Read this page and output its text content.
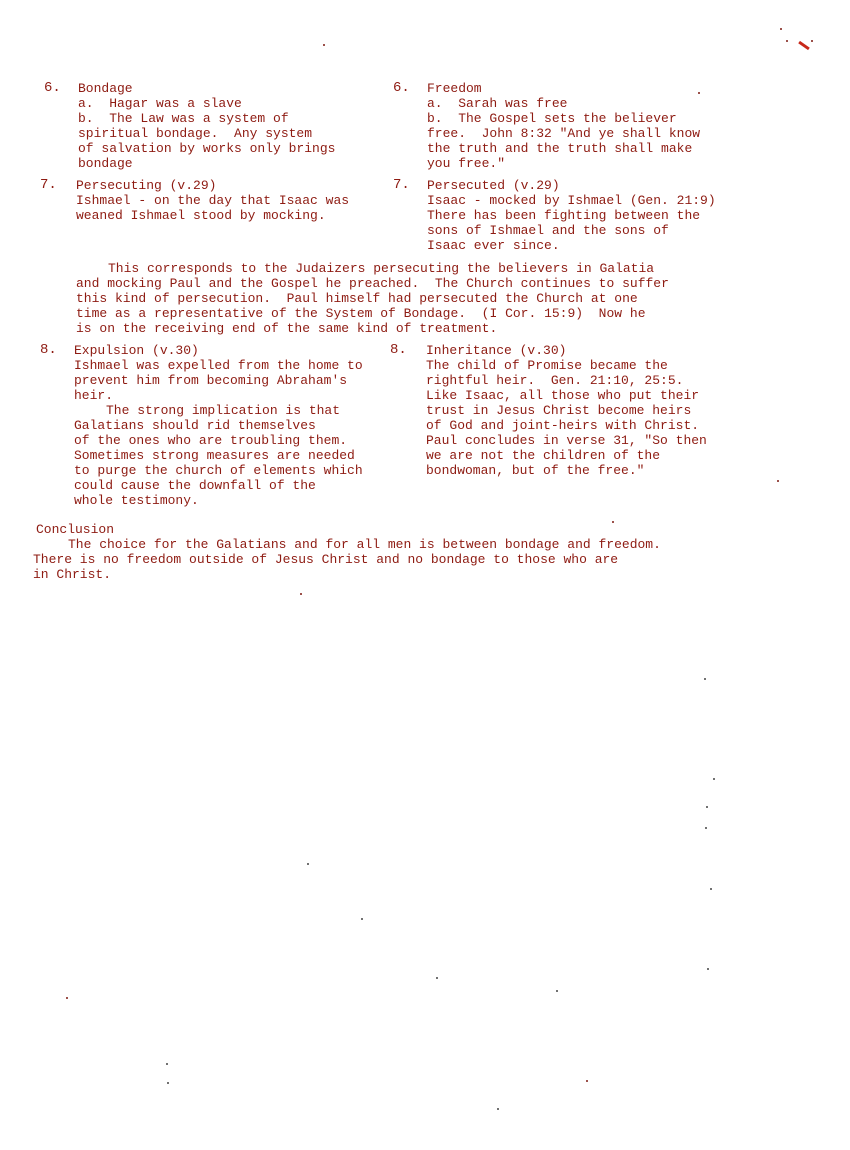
6. Bondage
a.  Hagar was a slave
b.  The Law was a system of
spiritual bondage.  Any system
of salvation by works only brings
bondage
6. Freedom
a.  Sarah was free
b.  The Gospel sets the believer
free.  John 8:32 "And ye shall know
the truth and the truth shall make
you free."
7. Persecuting (v.29)
Ishmael - on the day that Isaac was
weaned Ishmael stood by mocking.
7. Persecuted (v.29)
Isaac - mocked by Ishmael (Gen. 21:9)
There has been fighting between the
sons of Ishmael and the sons of
Isaac ever since.
This corresponds to the Judaizers persecuting the believers in Galatia
and mocking Paul and the Gospel he preached.  The Church continues to suffer
this kind of persecution.  Paul himself had persecuted the Church at one
time as a representative of the System of Bondage.  (I Cor. 15:9)  Now he
is on the receiving end of the same kind of treatment.
8. Expulsion (v.30)
Ishmael was expelled from the home to
prevent him from becoming Abraham's
heir.
The strong implication is that
Galatians should rid themselves
of the ones who are troubling them.
Sometimes strong measures are needed
to purge the church of elements which
could cause the downfall of the
whole testimony.
8. Inheritance (v.30)
The child of Promise became the
rightful heir.  Gen. 21:10, 25:5.
Like Isaac, all those who put their
trust in Jesus Christ become heirs
of God and joint-heirs with Christ.
Paul concludes in verse 31, "So then
we are not the children of the
bondwoman, but of the free."
Conclusion
The choice for the Galatians and for all men is between bondage and freedom.
There is no freedom outside of Jesus Christ and no bondage to those who are
in Christ.
